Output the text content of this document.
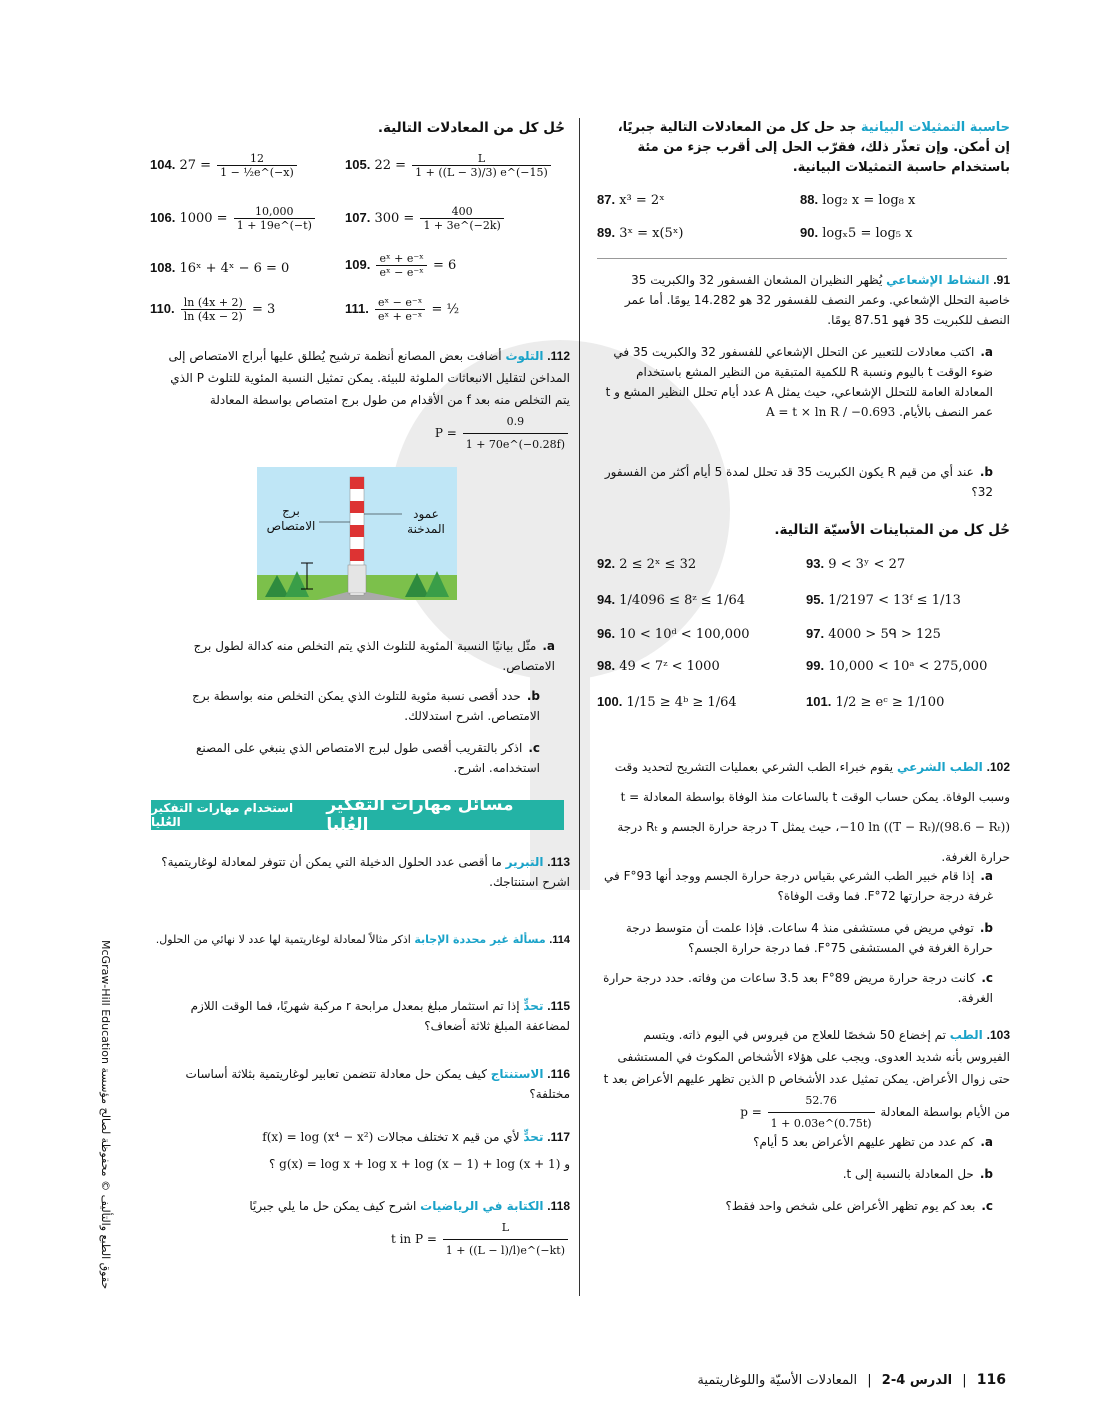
حُل كل من المعادلات التالية.
104. $27 = \frac{12}{\text{1 − ½e\textasciicircum{}(−x)}}$	105. $22 = \frac{L}{1 + ((L - 3)/3) e\^{}(-15)}$
106. $1000 = \frac{10,000}{1 + 19e\^{}(-t)} 107$. $300 = \frac{400}{1 + 3e\^{}(-2k)}$
108. 16ˣ + 4ˣ − 6 = 0	109. $\frac{\text{eˣ + e⁻ˣ}}{\text{eˣ − e⁻ˣ}} = 6$
110. $\frac{\ln (4x + 2)}{\ln (4x - 2)} = 3$	111. $\frac{\text{eˣ − e⁻ˣ}}{\text{eˣ + e⁻ˣ}}$ = ½
112. التلوث أضافت بعض المصانع أنظمة ترشيح يُطلق عليها أبراج الامتصاص إلى المداخن لتقليل الانبعاثات الملوثة للبيئة. يمكن تمثيل النسبة المئوية للتلوث P الذي يتم التخلص منه بعد f من الأقدام من طول برج امتصاص بواسطة المعادلة $P = \frac{0.9}{1 + 70e\^{}(-0.28f)}$
برج الامتصاص
عمود المدخنة
a.
مثّل بيانيًا النسبة المئوية للتلوث الذي يتم التخلص منه كدالة لطول برج الامتصاص.
b.
حدد أقصى نسبة مئوية للتلوث الذي يمكن التخلص منه بواسطة برج الامتصاص. اشرح استدلالك.
c.
اذكر بالتقريب أقصى طول لبرج الامتصاص الذي ينبغي على المصنع استخدامه. اشرح.
مسائل مهارات التفكير العُليا
استخدام مهارات التفكير العُليا
113. التبرير ما أقصى عدد الحلول الدخيلة التي يمكن أن تتوفر لمعادلة لوغاريتمية؟ اشرح استنتاجك.
114. مسألة غير محددة الإجابة اذكر مثالاً لمعادلة لوغاريتمية لها عدد لا نهائي من الحلول.
115. تحدٍّ إذا تم استثمار مبلغ بمعدل مرابحة r مركبة شهريًا، فما الوقت اللازم لمضاعفة المبلغ ثلاثة أضعاف؟
116. الاستنتاج كيف يمكن حل معادلة تتضمن تعابير لوغاريتمية بثلاثة أساسات مختلفة؟
117. تحدٍّ لأي من قيم x تختلف مجالات f(x) = log (x⁴ − x²)
و g(x) = log x + log x + log (x − 1) + log (x + 1) ؟
118. الكتابة في الرياضيات اشرح كيف يمكن حل ما يلي جبريًا
t in $P = \frac{L}{1 + ((L - l)/l)e\^{}(-kt)}$
حاسبة التمثيلات البيانية جد حل كل من المعادلات التالية جبريًا، إن أمكن. وإن تعذّر ذلك، فقرّب الحل إلى أقرب جزء من مئة باستخدام حاسبة التمثيلات البيانية.
87. x³ = 2ˣ	88. log₂ x = log₈ x
89. 3ˣ = x(5ˣ)	90. logₓ5 = log₅ x
91. النشاط الإشعاعي يُظهر النظيران المشعان الفسفور 32 والكبريت 35 خاصية التحلل الإشعاعي. وعمر النصف للفسفور 32 هو 14.282 يومًا. أما عمر النصف للكبريت 35 فهو 87.51 يومًا.
a.
اكتب معادلات للتعبير عن التحلل الإشعاعي للفسفور 32 والكبريت 35 في ضوء الوقت t باليوم ونسبة R للكمية المتبقية من النظير المشع باستخدام المعادلة العامة للتحلل الإشعاعي، حيث يمثل A عدد أيام تحلل النظير المشع و t عمر النصف بالأيام. A = t × ln R / −0.693
b.
عند أي من قيم R يكون الكبريت 35 قد تحلل لمدة 5 أيام أكثر من الفسفور 32؟
حُل كل من المتباينات الأسيّة التالية.
92. 2 ≤ 2ˣ ≤ 32	93. 9 < 3ʸ < 27
94. 1/4096 ≤ 8ᶻ ≤ 1/64	95. 1/2197 < 13ᶠ ≤ 1/13
96. 10 < 10ᵈ < 100,000	97. 4000 > 5ᑫ > 125
98. 49 < 7ᶻ < 1000	99. 10,000 < 10ᵃ < 275,000
100. 1/15 ≥ 4ᵇ ≥ 1/64	101. 1/2 ≥ eᶜ ≥ 1/100
102. الطب الشرعي يقوم خبراء الطب الشرعي بعمليات التشريح لتحديد وقت وسبب الوفاة. يمكن حساب الوقت t بالساعات منذ الوفاة بواسطة المعادلة t = −10 ln ((T − Rₜ)/(98.6 − Rₜ))، حيث يمثل T درجة حرارة الجسم و Rₜ درجة حرارة الغرفة.
a.
إذا قام خبير الطب الشرعي بقياس درجة حرارة الجسم ووجد أنها 93°F في غرفة درجة حرارتها 72°F. فما وقت الوفاة؟
b.
توفي مريض في مستشفى منذ 4 ساعات. فإذا علمت أن متوسط درجة حرارة الغرفة في المستشفى 75°F. فما درجة حرارة الجسم؟
c.
كانت درجة حرارة مريض 89°F بعد 3.5 ساعات من وفاته. حدد درجة حرارة الغرفة.
103. الطب تم إخضاع 50 شخصًا للعلاج من فيروس في اليوم ذاته. ويتسم الفيروس بأنه شديد العدوى. ويجب على هؤلاء الأشخاص المكوث في المستشفى حتى زوال الأعراض. يمكن تمثيل عدد الأشخاص p الذين تظهر عليهم الأعراض بعد t من الأيام بواسطة المعادلة $p = \frac{52.76}{1 + 0.03e\^{}(0.75t)}$
a.
كم عدد من تظهر عليهم الأعراض بعد 5 أيام؟
b.
حل المعادلة بالنسبة إلى t.
c.
بعد كم يوم تظهر الأعراض على شخص واحد فقط؟
حقوق الطبع والتأليف © محفوظة لصالح مؤسسة McGraw-Hill Education
116 | الدرس 4-2 | المعادلات الأسيّة واللوغاريتمية
